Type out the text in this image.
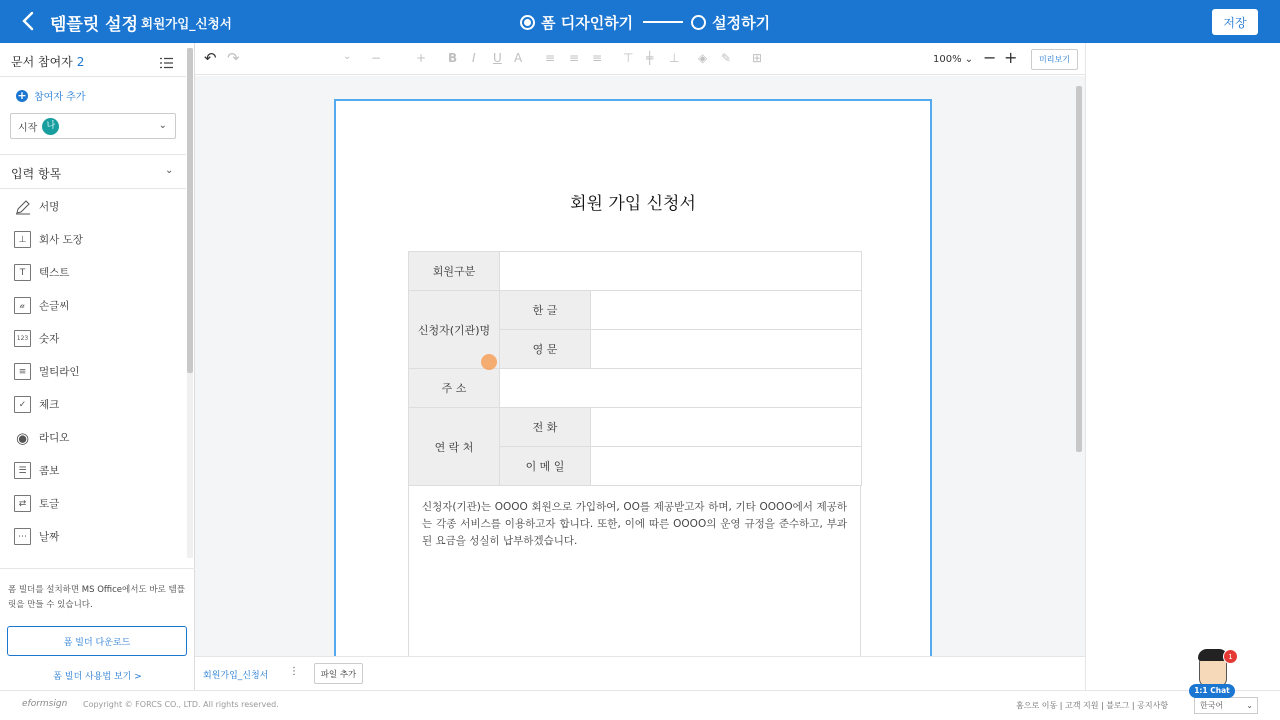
템플릿 설정 회원가입_신청서	폼 디자인하기	설정하기	저장
문서 참여자 2
+ 참여자 추가
시작	나	⌄
입력 항목	⌄
서명
⊥	회사 도장
T	텍스트
𝒶	손글씨
123 숫자
≡	멀티라인
✓	체크
◉ 라디오
☰	콤보
⇄	토글
⋯	날짜
폼 빌더를 설치하면 MS Office에서도 바로 템플릿을 만들 수 있습니다.
폼 빌더 다운로드
폼 빌더 사용법 보기 >
↶ ↷	⌄ −	+ B I U A ≡ ≡ ≡ ⊤ ╪ ⊥ ◈ ✎ ⊞	100% ⌄ − +	미리보기
회원 가입 신청서
회원구분		
신청자(기관)명	한 글	
	영 문	
주 소		
연 락 처	전 화	
	이 메 일	
신청자(기관)는 OOOO 회원으로 가입하여, OO를 제공받고자 하며, 기타 OOOO에서 제공하는 각종 서비스를 이용하고자 합니다. 또한, 이에 따른 OOOO의 운영 규정을 준수하고, 부과된 요금을 성실히 납부하겠습니다.
회원가입_신청서 ⋮	파일 추가
eformsign Copyright © FORCS CO., LTD. All rights reserved.	홈으로 이동 | 고객 지원 | 블로그 | 공지사항	한국어	⌄
1
1:1 Chat
